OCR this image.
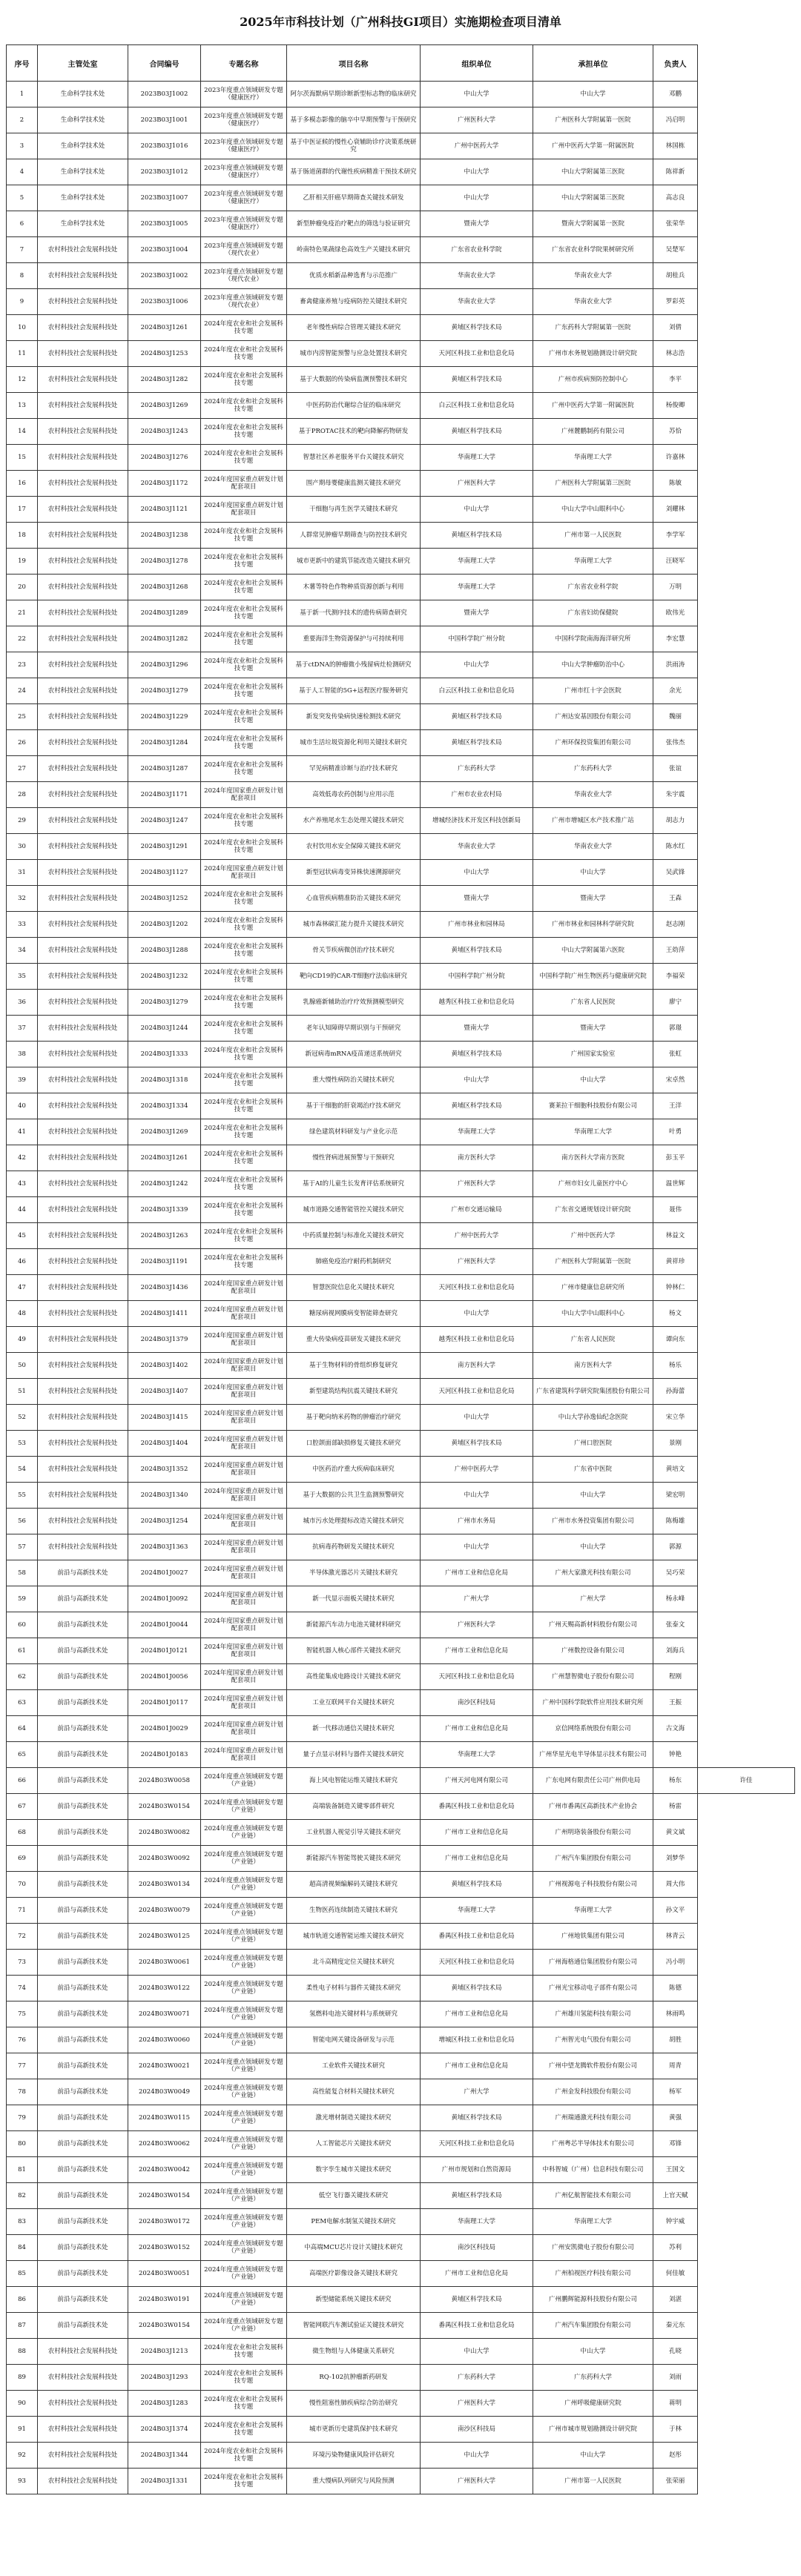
2025年市科技计划（广州科技GI项目）实施期检查项目清单
序号	主管处室	合同编号	专题名称	项目名称	组织单位	承担单位	负责人	
1	生命科学技术处	2023B03J1002	2023年度重点领域研发专题（健康医疗）	阿尔茨海默病早期诊断新型标志物的临床研究	中山大学	中山大学	邓鹏	
2	生命科学技术处	2023B03J1001	2023年度重点领域研发专题（健康医疗）	基于多模态影像的脑卒中早期预警与干预研究	广州医科大学	广州医科大学附属第一医院	冯启明	
3	生命科学技术处	2023B03J1016	2023年度重点领域研发专题（健康医疗）	基于中医证候的慢性心衰辅助诊疗决策系统研究	广州中医药大学	广州中医药大学第一附属医院	林国栋	
4	生命科学技术处	2023B03J1012	2023年度重点领域研发专题（健康医疗）	基于肠道菌群的代谢性疾病精准干预技术研究	中山大学	中山大学附属第三医院	陈祥新	
5	生命科学技术处	2023B03J1007	2023年度重点领域研发专题（健康医疗）	乙肝相关肝癌早期筛查关键技术研发	中山大学	中山大学附属第三医院	高志良	
6	生命科学技术处	2023B03J1005	2023年度重点领域研发专题（健康医疗）	新型肿瘤免疫治疗靶点的筛选与验证研究	暨南大学	暨南大学附属第一医院	张荣华	
7	农村科技社会发展科技处	2023B03J1004	2023年度重点领域研发专题（现代农业）	岭南特色果蔬绿色高效生产关键技术研究	广东省农业科学院	广东省农业科学院果树研究所	吴楚军	
8	农村科技社会发展科技处	2023B03J1002	2023年度重点领域研发专题（现代农业）	优质水稻新品种选育与示范推广	华南农业大学	华南农业大学	胡桂兵	
9	农村科技社会发展科技处	2023B03J1006	2023年度重点领域研发专题（现代农业）	畜禽健康养殖与疫病防控关键技术研究	华南农业大学	华南农业大学	罗彩英	
10	农村科技社会发展科技处	2024B03J1261	2024年度农业和社会发展科技专题	老年慢性病综合管理关键技术研究	黄埔区科学技术局	广东药科大学附属第一医院	刘倩	
11	农村科技社会发展科技处	2024B03J1253	2024年度农业和社会发展科技专题	城市内涝智能预警与应急处置技术研究	天河区科技工业和信息化局	广州市水务规划勘测设计研究院	林志浩	
12	农村科技社会发展科技处	2024B03J1282	2024年度农业和社会发展科技专题	基于大数据的传染病监测预警技术研究	黄埔区科学技术局	广州市疾病预防控制中心	李平	
13	农村科技社会发展科技处	2024B03J1269	2024年度农业和社会发展科技专题	中医药防治代谢综合征的临床研究	白云区科技工业和信息化局	广州中医药大学第一附属医院	杨俊卿	
14	农村科技社会发展科技处	2024B03J1243	2024年度农业和社会发展科技专题	基于PROTAC技术的靶向降解药物研发	黄埔区科学技术局	广州麓鹏制药有限公司	苏恰	
15	农村科技社会发展科技处	2024B03J1276	2024年度农业和社会发展科技专题	智慧社区养老服务平台关键技术研究	华南理工大学	华南理工大学	许嘉林	
16	农村科技社会发展科技处	2024B03J1172	2024年度国家重点研发计划配套项目	围产期母婴健康监测关键技术研究	广州医科大学	广州医科大学附属第三医院	陈敏	
17	农村科技社会发展科技处	2024B03J1121	2024年度国家重点研发计划配套项目	干细胞与再生医学关键技术研究	中山大学	中山大学中山眼科中心	刘耀林	
18	农村科技社会发展科技处	2024B03J1238	2024年度农业和社会发展科技专题	人群常见肿瘤早期筛查与防控技术研究	黄埔区科学技术局	广州市第一人民医院	李学军	
19	农村科技社会发展科技处	2024B03J1278	2024年度农业和社会发展科技专题	城市更新中的建筑节能改造关键技术研究	华南理工大学	华南理工大学	汪晓军	
20	农村科技社会发展科技处	2024B03J1268	2024年度农业和社会发展科技专题	木薯等特色作物种质资源创新与利用	华南理工大学	广东省农业科学院	万明	
21	农村科技社会发展科技处	2024B03J1289	2024年度农业和社会发展科技专题	基于新一代测序技术的遗传病筛查研究	暨南大学	广东省妇幼保健院	欧伟光	
22	农村科技社会发展科技处	2024B03J1282	2024年度农业和社会发展科技专题	重要海洋生物资源保护与可持续利用	中国科学院广州分院	中国科学院南海海洋研究所	李宏慧	
23	农村科技社会发展科技处	2024B03J1296	2024年度农业和社会发展科技专题	基于ctDNA的肿瘤微小残留病灶检测研究	中山大学	中山大学肿瘤防治中心	洪雨涛	
24	农村科技社会发展科技处	2024B03J1279	2024年度农业和社会发展科技专题	基于人工智能的5G+远程医疗服务研究	白云区科技工业和信息化局	广州市红十字会医院	余光	
25	农村科技社会发展科技处	2024B03J1229	2024年度农业和社会发展科技专题	新发突发传染病快速检测技术研究	黄埔区科学技术局	广州达安基因股份有限公司	魏丽	
26	农村科技社会发展科技处	2024B03J1284	2024年度农业和社会发展科技专题	城市生活垃圾资源化利用关键技术研究	黄埔区科学技术局	广州环保投资集团有限公司	张伟杰	
27	农村科技社会发展科技处	2024B03J1287	2024年度农业和社会发展科技专题	罕见病精准诊断与治疗技术研究	广东药科大学	广东药科大学	张谊	
28	农村科技社会发展科技处	2024B03J1171	2024年度国家重点研发计划配套项目	高效低毒农药创制与应用示范	广州市农业农村局	华南农业大学	朱宇震	
29	农村科技社会发展科技处	2024B03J1247	2024年度农业和社会发展科技专题	水产养殖尾水生态处理关键技术研究	增城经济技术开发区科技创新局	广州市增城区水产技术推广站	胡志力	
30	农村科技社会发展科技处	2024B03J1291	2024年度农业和社会发展科技专题	农村饮用水安全保障关键技术研究	华南农业大学	华南农业大学	陈水红	
31	农村科技社会发展科技处	2024B03J1127	2024年度国家重点研发计划配套项目	新型冠状病毒变异株快速溯源研究	中山大学	中山大学	吴武锋	
32	农村科技社会发展科技处	2024B03J1252	2024年度农业和社会发展科技专题	心血管疾病精准防治关键技术研究	暨南大学	暨南大学	王森	
33	农村科技社会发展科技处	2024B03J1202	2024年度农业和社会发展科技专题	城市森林碳汇能力提升关键技术研究	广州市林业和园林局	广州市林业和园林科学研究院	赵志刚	
34	农村科技社会发展科技处	2024B03J1288	2024年度农业和社会发展科技专题	骨关节疾病微创治疗技术研究	黄埔区科学技术局	中山大学附属第六医院	王幼萍	
35	农村科技社会发展科技处	2024B03J1232	2024年度农业和社会发展科技专题	靶向CD19的CAR-T细胞疗法临床研究	中国科学院广州分院	中国科学院广州生物医药与健康研究院	李福荣	
36	农村科技社会发展科技处	2024B03J1279	2024年度农业和社会发展科技专题	乳腺癌新辅助治疗疗效预测模型研究	越秀区科技工业和信息化局	广东省人民医院	廖宁	
37	农村科技社会发展科技处	2024B03J1244	2024年度农业和社会发展科技专题	老年认知障碍早期识别与干预研究	暨南大学	暨南大学	郭璟	
38	农村科技社会发展科技处	2024B03J1333	2024年度农业和社会发展科技专题	新冠病毒mRNA疫苗递送系统研究	黄埔区科学技术局	广州国家实验室	张虹	
39	农村科技社会发展科技处	2024B03J1318	2024年度农业和社会发展科技专题	重大慢性病防治关键技术研究	中山大学	中山大学	宋卓然	
40	农村科技社会发展科技处	2024B03J1334	2024年度农业和社会发展科技专题	基于干细胞的肝衰竭治疗技术研究	黄埔区科学技术局	赛莱拉干细胞科技股份有限公司	王洋	
41	农村科技社会发展科技处	2024B03J1269	2024年度农业和社会发展科技专题	绿色建筑材料研发与产业化示范	华南理工大学	华南理工大学	叶勇	
42	农村科技社会发展科技处	2024B03J1261	2024年度农业和社会发展科技专题	慢性肾病进展预警与干预研究	南方医科大学	南方医科大学南方医院	彭玉平	
43	农村科技社会发展科技处	2024B03J1242	2024年度农业和社会发展科技专题	基于AI的儿童生长发育评估系统研究	广州医科大学	广州市妇女儿童医疗中心	温世辉	
44	农村科技社会发展科技处	2024B03J1339	2024年度农业和社会发展科技专题	城市道路交通智能管控关键技术研究	广州市交通运输局	广东省交通规划设计研究院	聂伟	
45	农村科技社会发展科技处	2024B03J1263	2024年度农业和社会发展科技专题	中药质量控制与标准化关键技术研究	广州中医药大学	广州中医药大学	林益文	
46	农村科技社会发展科技处	2024B03J1191	2024年度农业和社会发展科技专题	肺癌免疫治疗耐药机制研究	广州医科大学	广州医科大学附属第一医院	黄祥珍	
47	农村科技社会发展科技处	2024B03J1436	2024年度国家重点研发计划配套项目	智慧医院信息化关键技术研究	天河区科技工业和信息化局	广州市健康信息研究所	钟林仁	
48	农村科技社会发展科技处	2024B03J1411	2024年度国家重点研发计划配套项目	糖尿病视网膜病变智能筛查研究	中山大学	中山大学中山眼科中心	杨文	
49	农村科技社会发展科技处	2024B03J1379	2024年度国家重点研发计划配套项目	重大传染病疫苗研发关键技术研究	越秀区科技工业和信息化局	广东省人民医院	谭向东	
50	农村科技社会发展科技处	2024B03J1402	2024年度国家重点研发计划配套项目	基于生物材料的骨组织修复研究	南方医科大学	南方医科大学	杨乐	
51	农村科技社会发展科技处	2024B03J1407	2024年度国家重点研发计划配套项目	新型建筑结构抗震关键技术研究	天河区科技工业和信息化局	广东省建筑科学研究院集团股份有限公司	孙海蕾	
52	农村科技社会发展科技处	2024B03J1415	2024年度国家重点研发计划配套项目	基于靶向纳米药物的肿瘤治疗研究	中山大学	中山大学孙逸仙纪念医院	宋立华	
53	农村科技社会发展科技处	2024B03J1404	2024年度国家重点研发计划配套项目	口腔颌面部缺损修复关键技术研究	黄埔区科学技术局	广州口腔医院	景刚	
54	农村科技社会发展科技处	2024B03J1352	2024年度国家重点研发计划配套项目	中医药治疗重大疾病临床研究	广州中医药大学	广东省中医院	黄培文	
55	农村科技社会发展科技处	2024B03J1340	2024年度国家重点研发计划配套项目	基于大数据的公共卫生监测预警研究	中山大学	中山大学	梁宏明	
56	农村科技社会发展科技处	2024B03J1254	2024年度国家重点研发计划配套项目	城市污水处理提标改造关键技术研究	广州市水务局	广州市水务投资集团有限公司	陈梅雄	
57	农村科技社会发展科技处	2024B03J1363	2024年度国家重点研发计划配套项目	抗病毒药物研发关键技术研究	中山大学	中山大学	郭源	
58	前沿与高新技术处	2024B01J0027	2024年度国家重点研发计划配套项目	半导体激光器芯片关键技术研究	广州市工业和信息化局	广州大家激光科技有限公司	吴巧荣	
59	前沿与高新技术处	2024B01J0092	2024年度国家重点研发计划配套项目	新一代显示面板关键技术研究	广州大学	广州大学	杨永峰	
60	前沿与高新技术处	2024B01J0044	2024年度国家重点研发计划配套项目	新能源汽车动力电池关键材料研究	广州医科大学	广州天赐高新材料股份有限公司	张泰文	
61	前沿与高新技术处	2024B01J0121	2024年度国家重点研发计划配套项目	智能机器人核心部件关键技术研究	广州市工业和信息化局	广州数控设备有限公司	刘海兵	
62	前沿与高新技术处	2024B01J0056	2024年度国家重点研发计划配套项目	高性能集成电路设计关键技术研究	天河区科技工业和信息化局	广州慧智微电子股份有限公司	程刚	
63	前沿与高新技术处	2024B01J0117	2024年度国家重点研发计划配套项目	工业互联网平台关键技术研究	南沙区科技局	广州中国科学院软件应用技术研究所	王振	
64	前沿与高新技术处	2024B01J0029	2024年度国家重点研发计划配套项目	新一代移动通信关键技术研究	广州市工业和信息化局	京信网络系统股份有限公司	古文海	
65	前沿与高新技术处	2024B01J0183	2024年度国家重点研发计划配套项目	量子点显示材料与器件关键技术研究	华南理工大学	广州华星光电半导体显示技术有限公司	钟艳	
66	前沿与高新技术处	2024B03W0058	2024年度重点领域研发专题（产业链）	海上风电智能运维关键技术研究	广州天河电网有限公司	广东电网有限责任公司广州供电局	杨东	许佳
67	前沿与高新技术处	2024B03W0154	2024年度重点领域研发专题（产业链）	高端装备制造关键零部件研究	番禺区科技工业和信息化局	广州市番禺区高新技术产业协会	杨雷	
68	前沿与高新技术处	2024B03W0082	2024年度重点领域研发专题（产业链）	工业机器人视觉引导关键技术研究	广州市工业和信息化局	广州明珞装备股份有限公司	黄文斌	
69	前沿与高新技术处	2024B03W0092	2024年度重点领域研发专题（产业链）	新能源汽车智能驾驶关键技术研究	广州市工业和信息化局	广州汽车集团股份有限公司	刘梦华	
70	前沿与高新技术处	2024B03W0134	2024年度重点领域研发专题（产业链）	超高清视频编解码关键技术研究	黄埔区科学技术局	广州视源电子科技股份有限公司	周大伟	
71	前沿与高新技术处	2024B03W0079	2024年度重点领域研发专题（产业链）	生物医药连续制造关键技术研究	华南理工大学	华南理工大学	孙文平	
72	前沿与高新技术处	2024B03W0125	2024年度重点领域研发专题（产业链）	城市轨道交通智能运维关键技术研究	番禺区科技工业和信息化局	广州地铁集团有限公司	林青云	
73	前沿与高新技术处	2024B03W0061	2024年度重点领域研发专题（产业链）	北斗高精度定位关键技术研究	天河区科技工业和信息化局	广州海格通信集团股份有限公司	冯小明	
74	前沿与高新技术处	2024B03W0122	2024年度重点领域研发专题（产业链）	柔性电子材料与器件关键技术研究	黄埔区科学技术局	广州光宝移动电子部件有限公司	陈德	
75	前沿与高新技术处	2024B03W0071	2024年度重点领域研发专题（产业链）	氢燃料电池关键材料与系统研究	广州市工业和信息化局	广州雄川氢能科技有限公司	林雨鸣	
76	前沿与高新技术处	2024B03W0060	2024年度重点领域研发专题（产业链）	智能电网关键设备研发与示范	增城区科技工业和信息化局	广州智光电气股份有限公司	胡胜	
77	前沿与高新技术处	2024B03W0021	2024年度重点领域研发专题（产业链）	工业软件关键技术研究	广州市工业和信息化局	广州中望龙腾软件股份有限公司	周青	
78	前沿与高新技术处	2024B03W0049	2024年度重点领域研发专题（产业链）	高性能复合材料关键技术研究	广州大学	广州金发科技股份有限公司	杨军	
79	前沿与高新技术处	2024B03W0115	2024年度重点领域研发专题（产业链）	激光增材制造关键技术研究	黄埔区科学技术局	广州瑞通激光科技有限公司	黄强	
80	前沿与高新技术处	2024B03W0062	2024年度重点领域研发专题（产业链）	人工智能芯片关键技术研究	天河区科技工业和信息化局	广州粤芯半导体技术有限公司	邓锋	
81	前沿与高新技术处	2024B03W0042	2024年度重点领域研发专题（产业链）	数字孪生城市关键技术研究	广州市规划和自然资源局	中科智城（广州）信息科技有限公司	王国文	
82	前沿与高新技术处	2024B03W0154	2024年度重点领域研发专题（产业链）	低空飞行器关键技术研究	黄埔区科学技术局	广州亿航智能技术有限公司	上官天赋	
83	前沿与高新技术处	2024B03W0172	2024年度重点领域研发专题（产业链）	PEM电解水制氢关键技术研究	华南理工大学	华南理工大学	钟宇威	
84	前沿与高新技术处	2024B03W0152	2024年度重点领域研发专题（产业链）	中高端MCU芯片设计关键技术研究	南沙区科技局	广州安凯微电子股份有限公司	苏利	
85	前沿与高新技术处	2024B03W0051	2024年度重点领域研发专题（产业链）	高端医疗影像设备关键技术研究	广州市工业和信息化局	广州柏视医疗科技有限公司	何佳敏	
86	前沿与高新技术处	2024B03W0191	2024年度重点领域研发专题（产业链）	新型储能系统关键技术研究	黄埔区科学技术局	广州鹏辉能源科技股份有限公司	刘湛	
87	前沿与高新技术处	2024B03W0154	2024年度重点领域研发专题（产业链）	智能网联汽车测试验证关键技术研究	番禺区科技工业和信息化局	广州汽车集团股份有限公司	秦元东	
88	农村科技社会发展科技处	2024B03J1213	2024年度农业和社会发展科技专题	微生物组与人体健康关系研究	中山大学	中山大学	孔晓	
89	农村科技社会发展科技处	2024B03J1293	2024年度农业和社会发展科技专题	RQ-102抗肿瘤新药研发	广东药科大学	广东药科大学	刘雨	
90	农村科技社会发展科技处	2024B03J1283	2024年度农业和社会发展科技专题	慢性阻塞性肺疾病综合防治研究	广州医科大学	广州呼吸健康研究院	蒋明	
91	农村科技社会发展科技处	2024B03J1374	2024年度农业和社会发展科技专题	城市更新历史建筑保护技术研究	南沙区科技局	广州市城市规划勘测设计研究院	于林	
92	农村科技社会发展科技处	2024B03J1344	2024年度农业和社会发展科技专题	环境污染物健康风险评估研究	中山大学	中山大学	赵彤	
93	农村科技社会发展科技处	2024B03J1331	2024年度农业和社会发展科技专题	重大慢病队列研究与风险预测	广州医科大学	广州市第一人民医院	张荣丽	
